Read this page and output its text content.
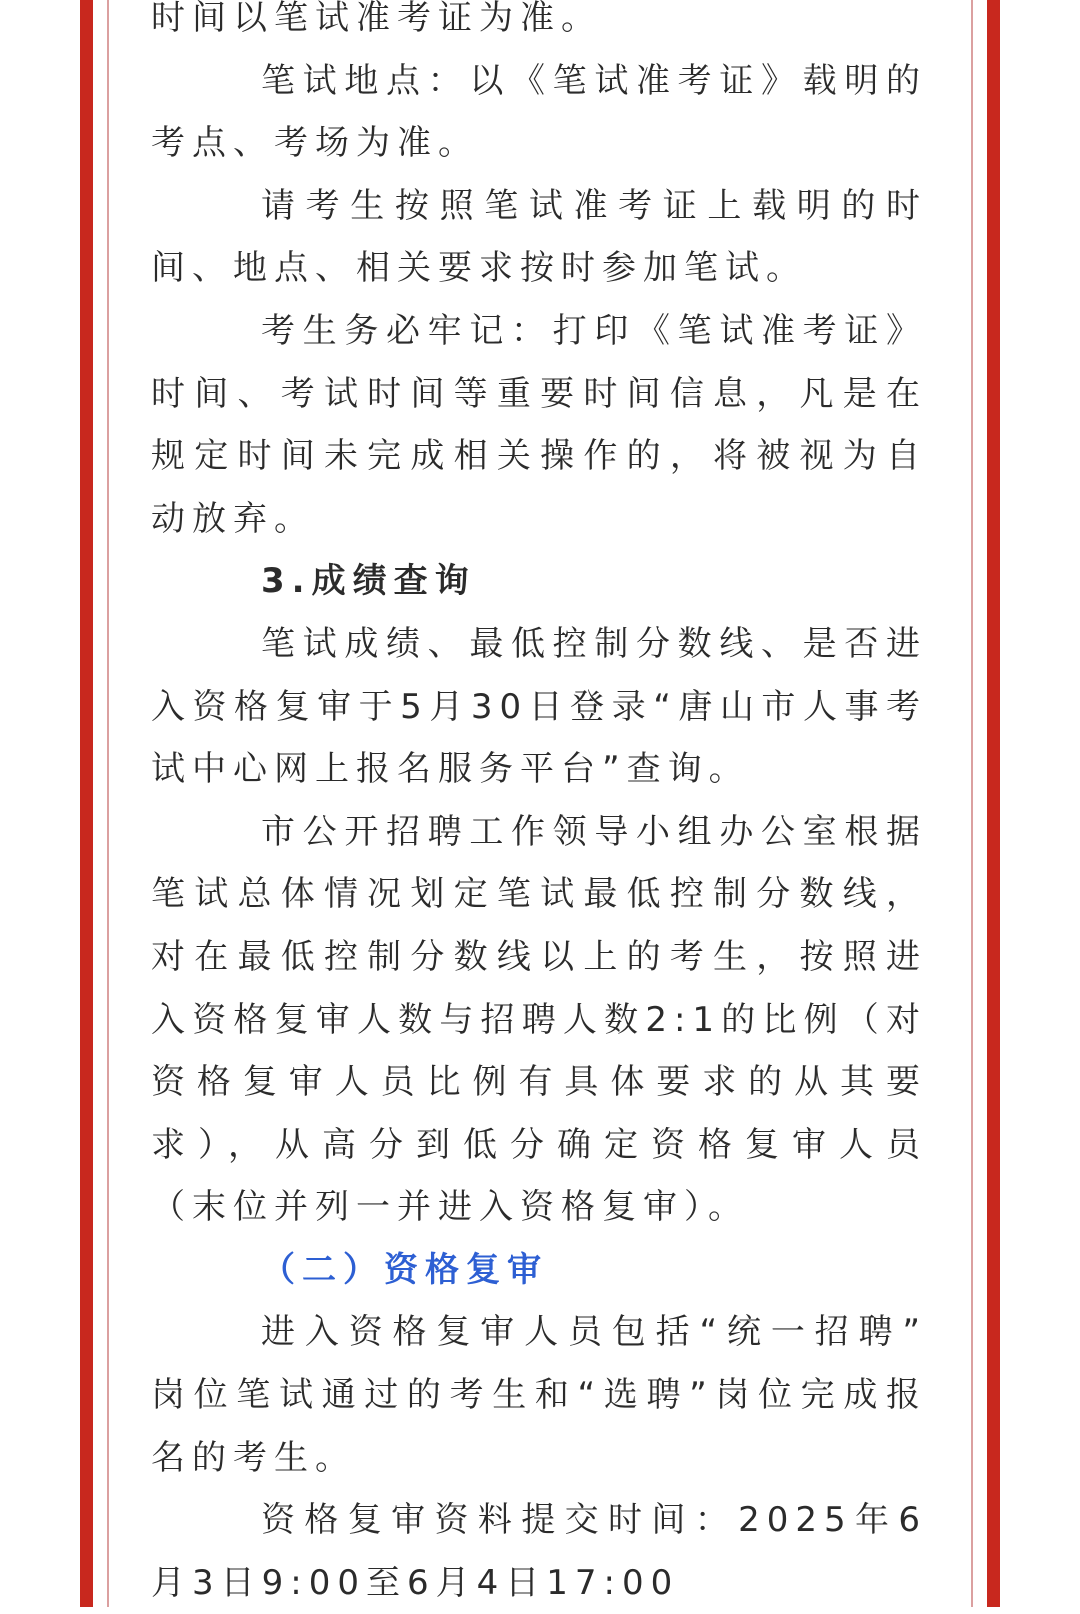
时间以笔试准考证为准。
笔试地点：以《笔试准考证》载明的
考点、考场为准。
请考生按照笔试准考证上载明的时
间、地点、相关要求按时参加笔试。
考生务必牢记：打印《笔试准考证》
时间、考试时间等重要时间信息，凡是在
规定时间未完成相关操作的，将被视为自
动放弃。
3.成绩查询
笔试成绩、最低控制分数线、是否进
入资格复审于5月30日登录“唐山市人事考
试中心网上报名服务平台”查询。
市公开招聘工作领导小组办公室根据
笔试总体情况划定笔试最低控制分数线，
对在最低控制分数线以上的考生，按照进
入资格复审人数与招聘人数2:1的比例（对
资格复审人员比例有具体要求的从其要
求），从高分到低分确定资格复审人员
（末位并列一并进入资格复审）。
（二）资格复审
进入资格复审人员包括“统一招聘”
岗位笔试通过的考生和“选聘”岗位完成报
名的考生。
资格复审资料提交时间：2025年6
月3日9:00至6月4日17:00
